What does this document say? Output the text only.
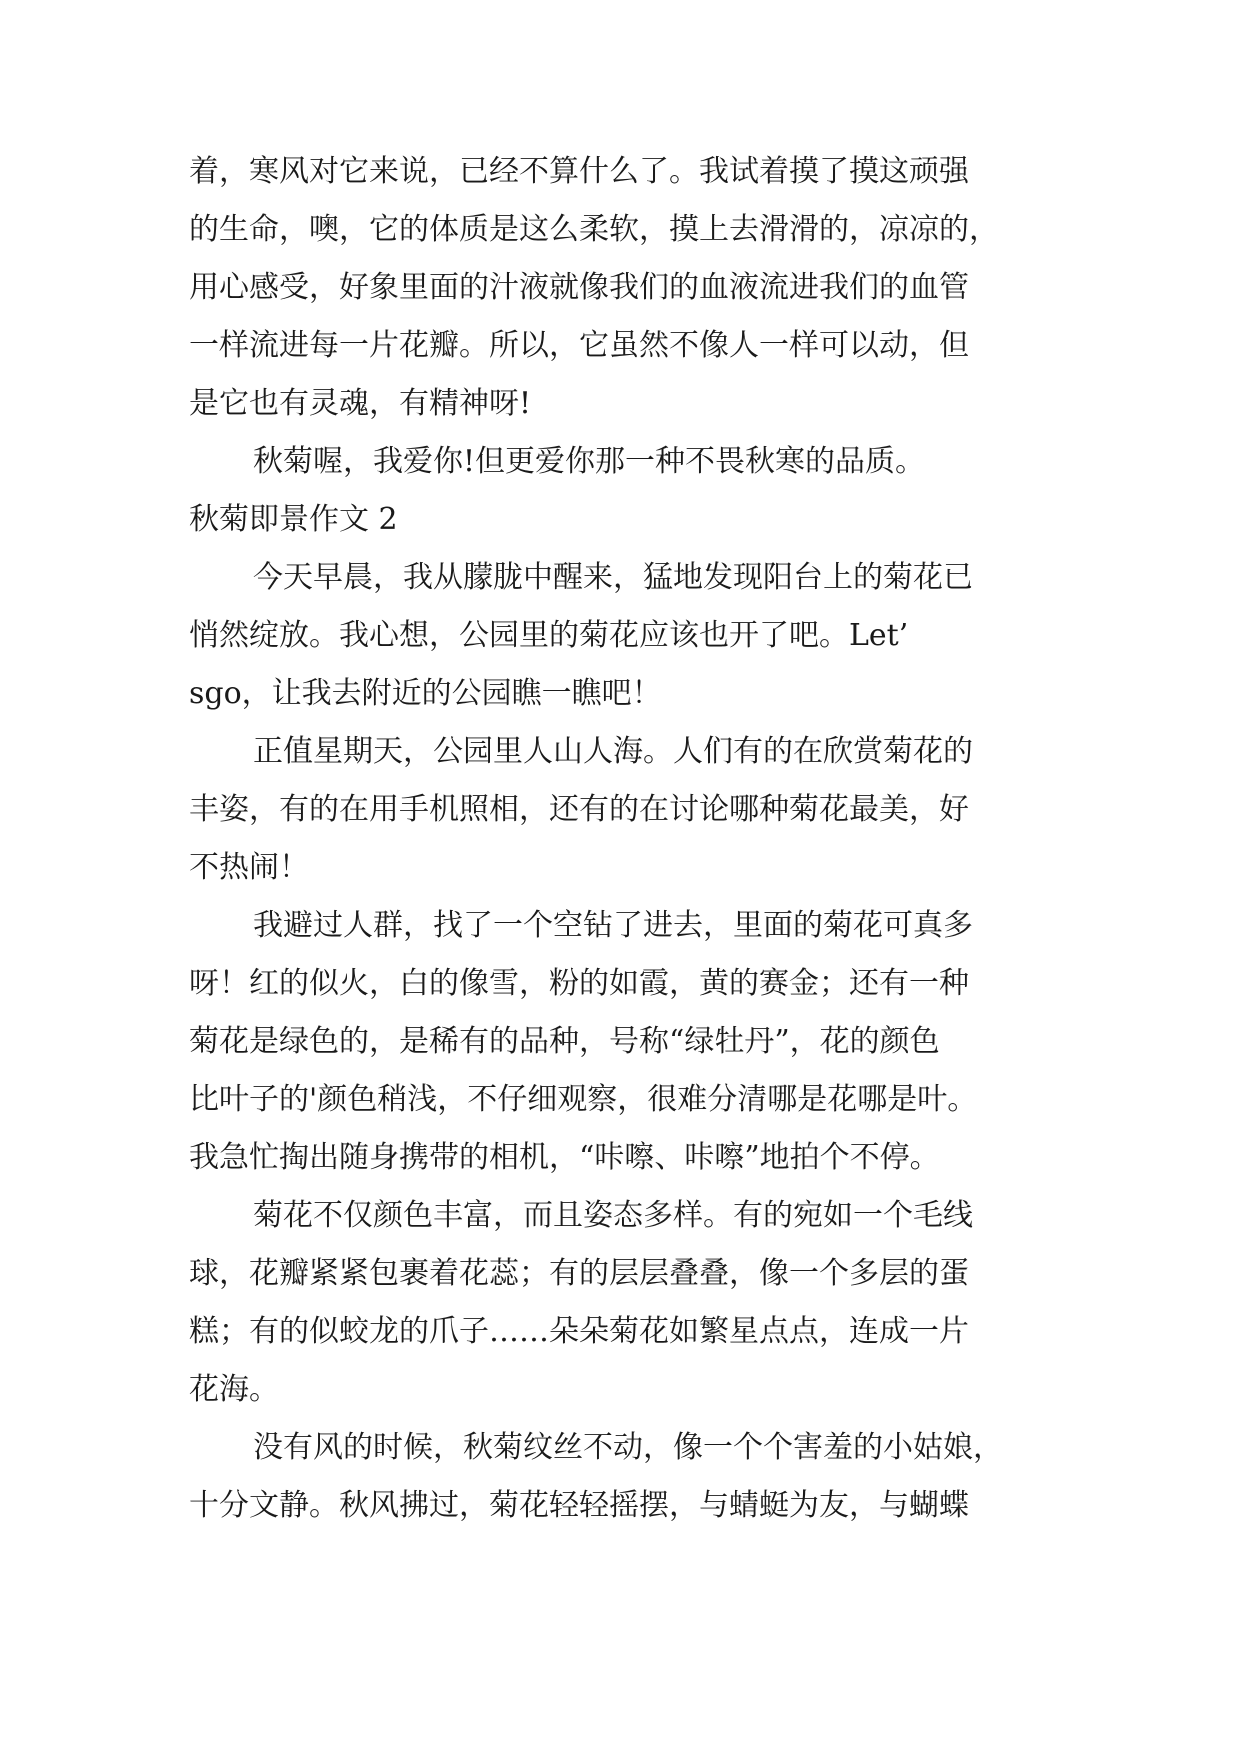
着，寒风对它来说，已经不算什么了。我试着摸了摸这顽强
的生命，噢，它的体质是这么柔软，摸上去滑滑的，凉凉的，
用心感受，好象里面的汁液就像我们的血液流进我们的血管
一样流进每一片花瓣。所以，它虽然不像人一样可以动，但
是它也有灵魂，有精神呀!
秋菊喔，我爱你!但更爱你那一种不畏秋寒的品质。
秋菊即景作文 2
今天早晨，我从朦胧中醒来，猛地发现阳台上的菊花已
悄然绽放。我心想，公园里的菊花应该也开了吧。Let’
sgo，让我去附近的公园瞧一瞧吧！
正值星期天，公园里人山人海。人们有的在欣赏菊花的
丰姿，有的在用手机照相，还有的在讨论哪种菊花最美，好
不热闹！
我避过人群，找了一个空钻了进去，里面的菊花可真多
呀！红的似火，白的像雪，粉的如霞，黄的赛金；还有一种
菊花是绿色的，是稀有的品种，号称“绿牡丹”，花的颜色
比叶子的'颜色稍浅，不仔细观察，很难分清哪是花哪是叶。
我急忙掏出随身携带的相机，“咔嚓、咔嚓”地拍个不停。
菊花不仅颜色丰富，而且姿态多样。有的宛如一个毛线
球，花瓣紧紧包裹着花蕊；有的层层叠叠，像一个多层的蛋
糕；有的似蛟龙的爪子……朵朵菊花如繁星点点，连成一片
花海。
没有风的时候，秋菊纹丝不动，像一个个害羞的小姑娘，
十分文静。秋风拂过，菊花轻轻摇摆，与蜻蜓为友，与蝴蝶
